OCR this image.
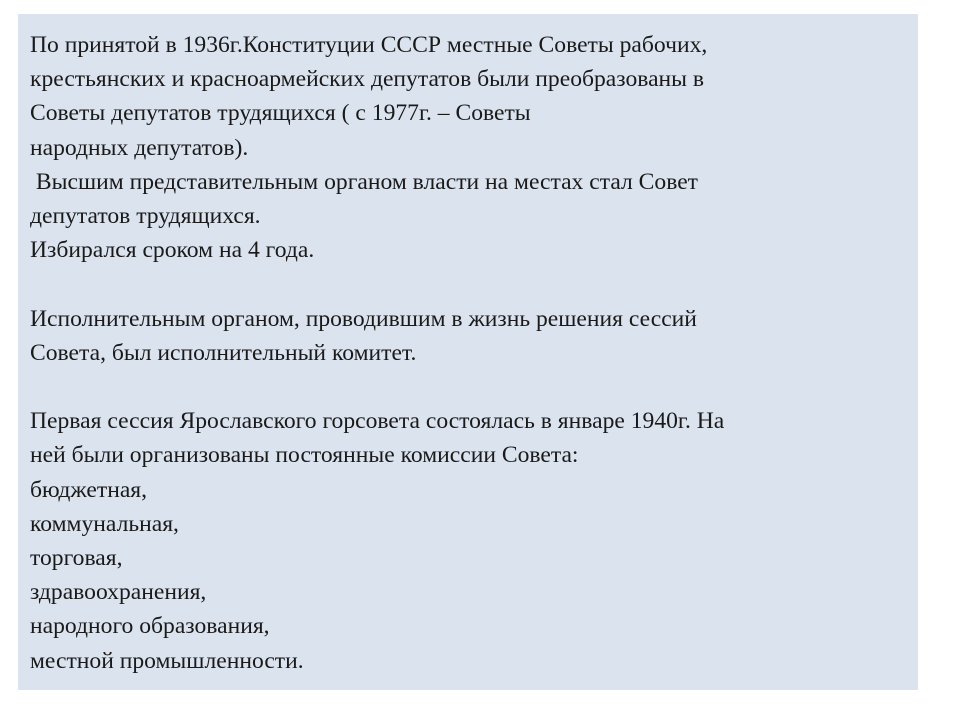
По принятой в 1936г.Конституции СССР местные Советы рабочих,

крестьянских и красноармейских депутатов были преобразованы в

Советы депутатов трудящихся ( с 1977г. – Советы

народных депутатов).

Высшим представительным органом власти на местах стал Совет

депутатов трудящихся.

Избирался сроком на 4 года.

Исполнительным органом, проводившим в жизнь решения сессий

Совета, был исполнительный комитет.

Первая сессия Ярославского горсовета состоялась в январе 1940г. На

ней были организованы постоянные комиссии Совета:

бюджетная,

коммунальная,

торговая,

здравоохранения,

народного образования,

местной промышленности.
